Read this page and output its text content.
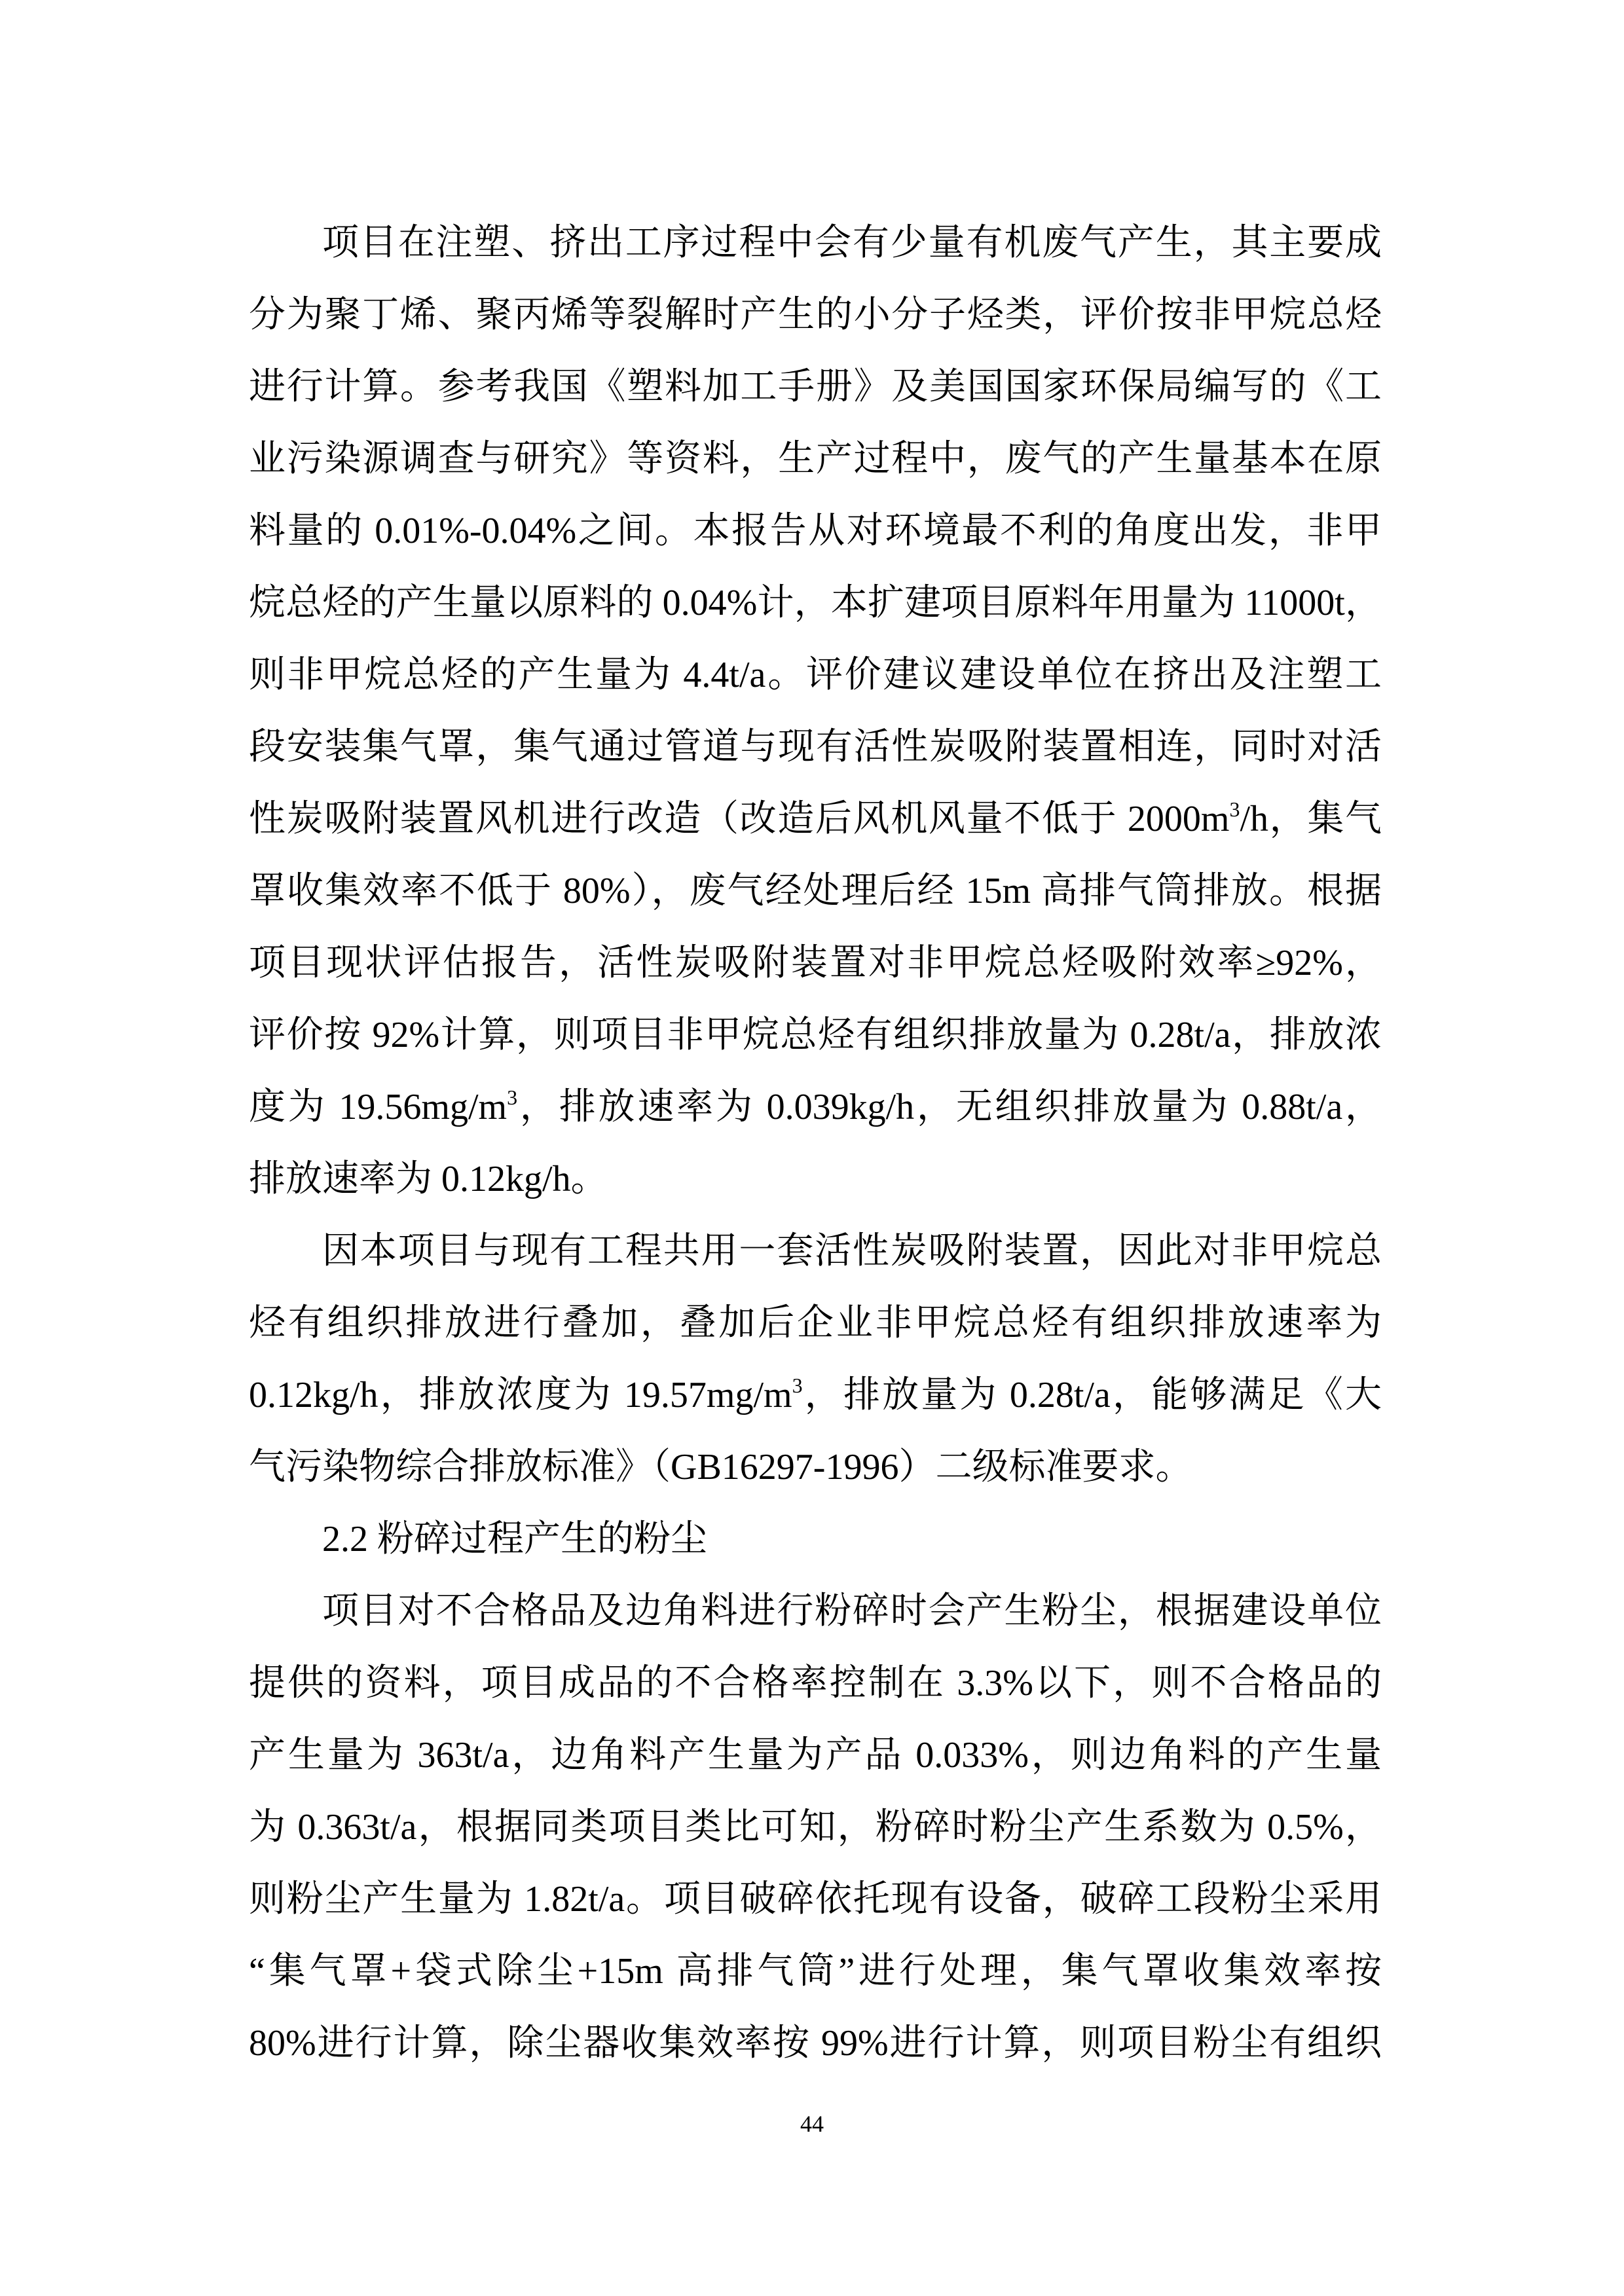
项目在注塑、挤出工序过程中会有少量有机废气产生，其主要成

分为聚丁烯、聚丙烯等裂解时产生的小分子烃类，评价按非甲烷总烃

进行计算。参考我国《塑料加工手册》及美国国家环保局编写的《工

业污染源调查与研究》等资料，生产过程中，废气的产生量基本在原

料量的 0.01%-0.04%之间。本报告从对环境最不利的角度出发，非甲

烷总烃的产生量以原料的 0.04%计，本扩建项目原料年用量为 11000t，

则非甲烷总烃的产生量为 4.4t/a。评价建议建设单位在挤出及注塑工

段安装集气罩，集气通过管道与现有活性炭吸附装置相连，同时对活

性炭吸附装置风机进行改造（改造后风机风量不低于 $2000m^3/h$，集气

罩收集效率不低于 80%），废气经处理后经 15m 高排气筒排放。根据

项目现状评估报告，活性炭吸附装置对非甲烷总烃吸附效率≥92%，

评价按 92%计算，则项目非甲烷总烃有组织排放量为 0.28t/a，排放浓

度为 $19.56mg/m^3$，排放速率为 0.039kg/h，无组织排放量为 0.88t/a，

排放速率为 0.12kg/h。

因本项目与现有工程共用一套活性炭吸附装置，因此对非甲烷总

烃有组织排放进行叠加，叠加后企业非甲烷总烃有组织排放速率为

0.12kg/h，排放浓度为 $19.57mg/m^3$，排放量为 0.28t/a，能够满足《大

气污染物综合排放标准》（GB16297-1996）二级标准要求。

2.2 粉碎过程产生的粉尘

项目对不合格品及边角料进行粉碎时会产生粉尘，根据建设单位

提供的资料，项目成品的不合格率控制在 3.3%以下，则不合格品的

产生量为 363t/a，边角料产生量为产品 0.033%，则边角料的产生量

为 0.363t/a，根据同类项目类比可知，粉碎时粉尘产生系数为 0.5%，

则粉尘产生量为 1.82t/a。项目破碎依托现有设备，破碎工段粉尘采用

“集气罩+袋式除尘+15m 高排气筒”进行处理，集气罩收集效率按

80%进行计算，除尘器收集效率按 99%进行计算，则项目粉尘有组织

44
